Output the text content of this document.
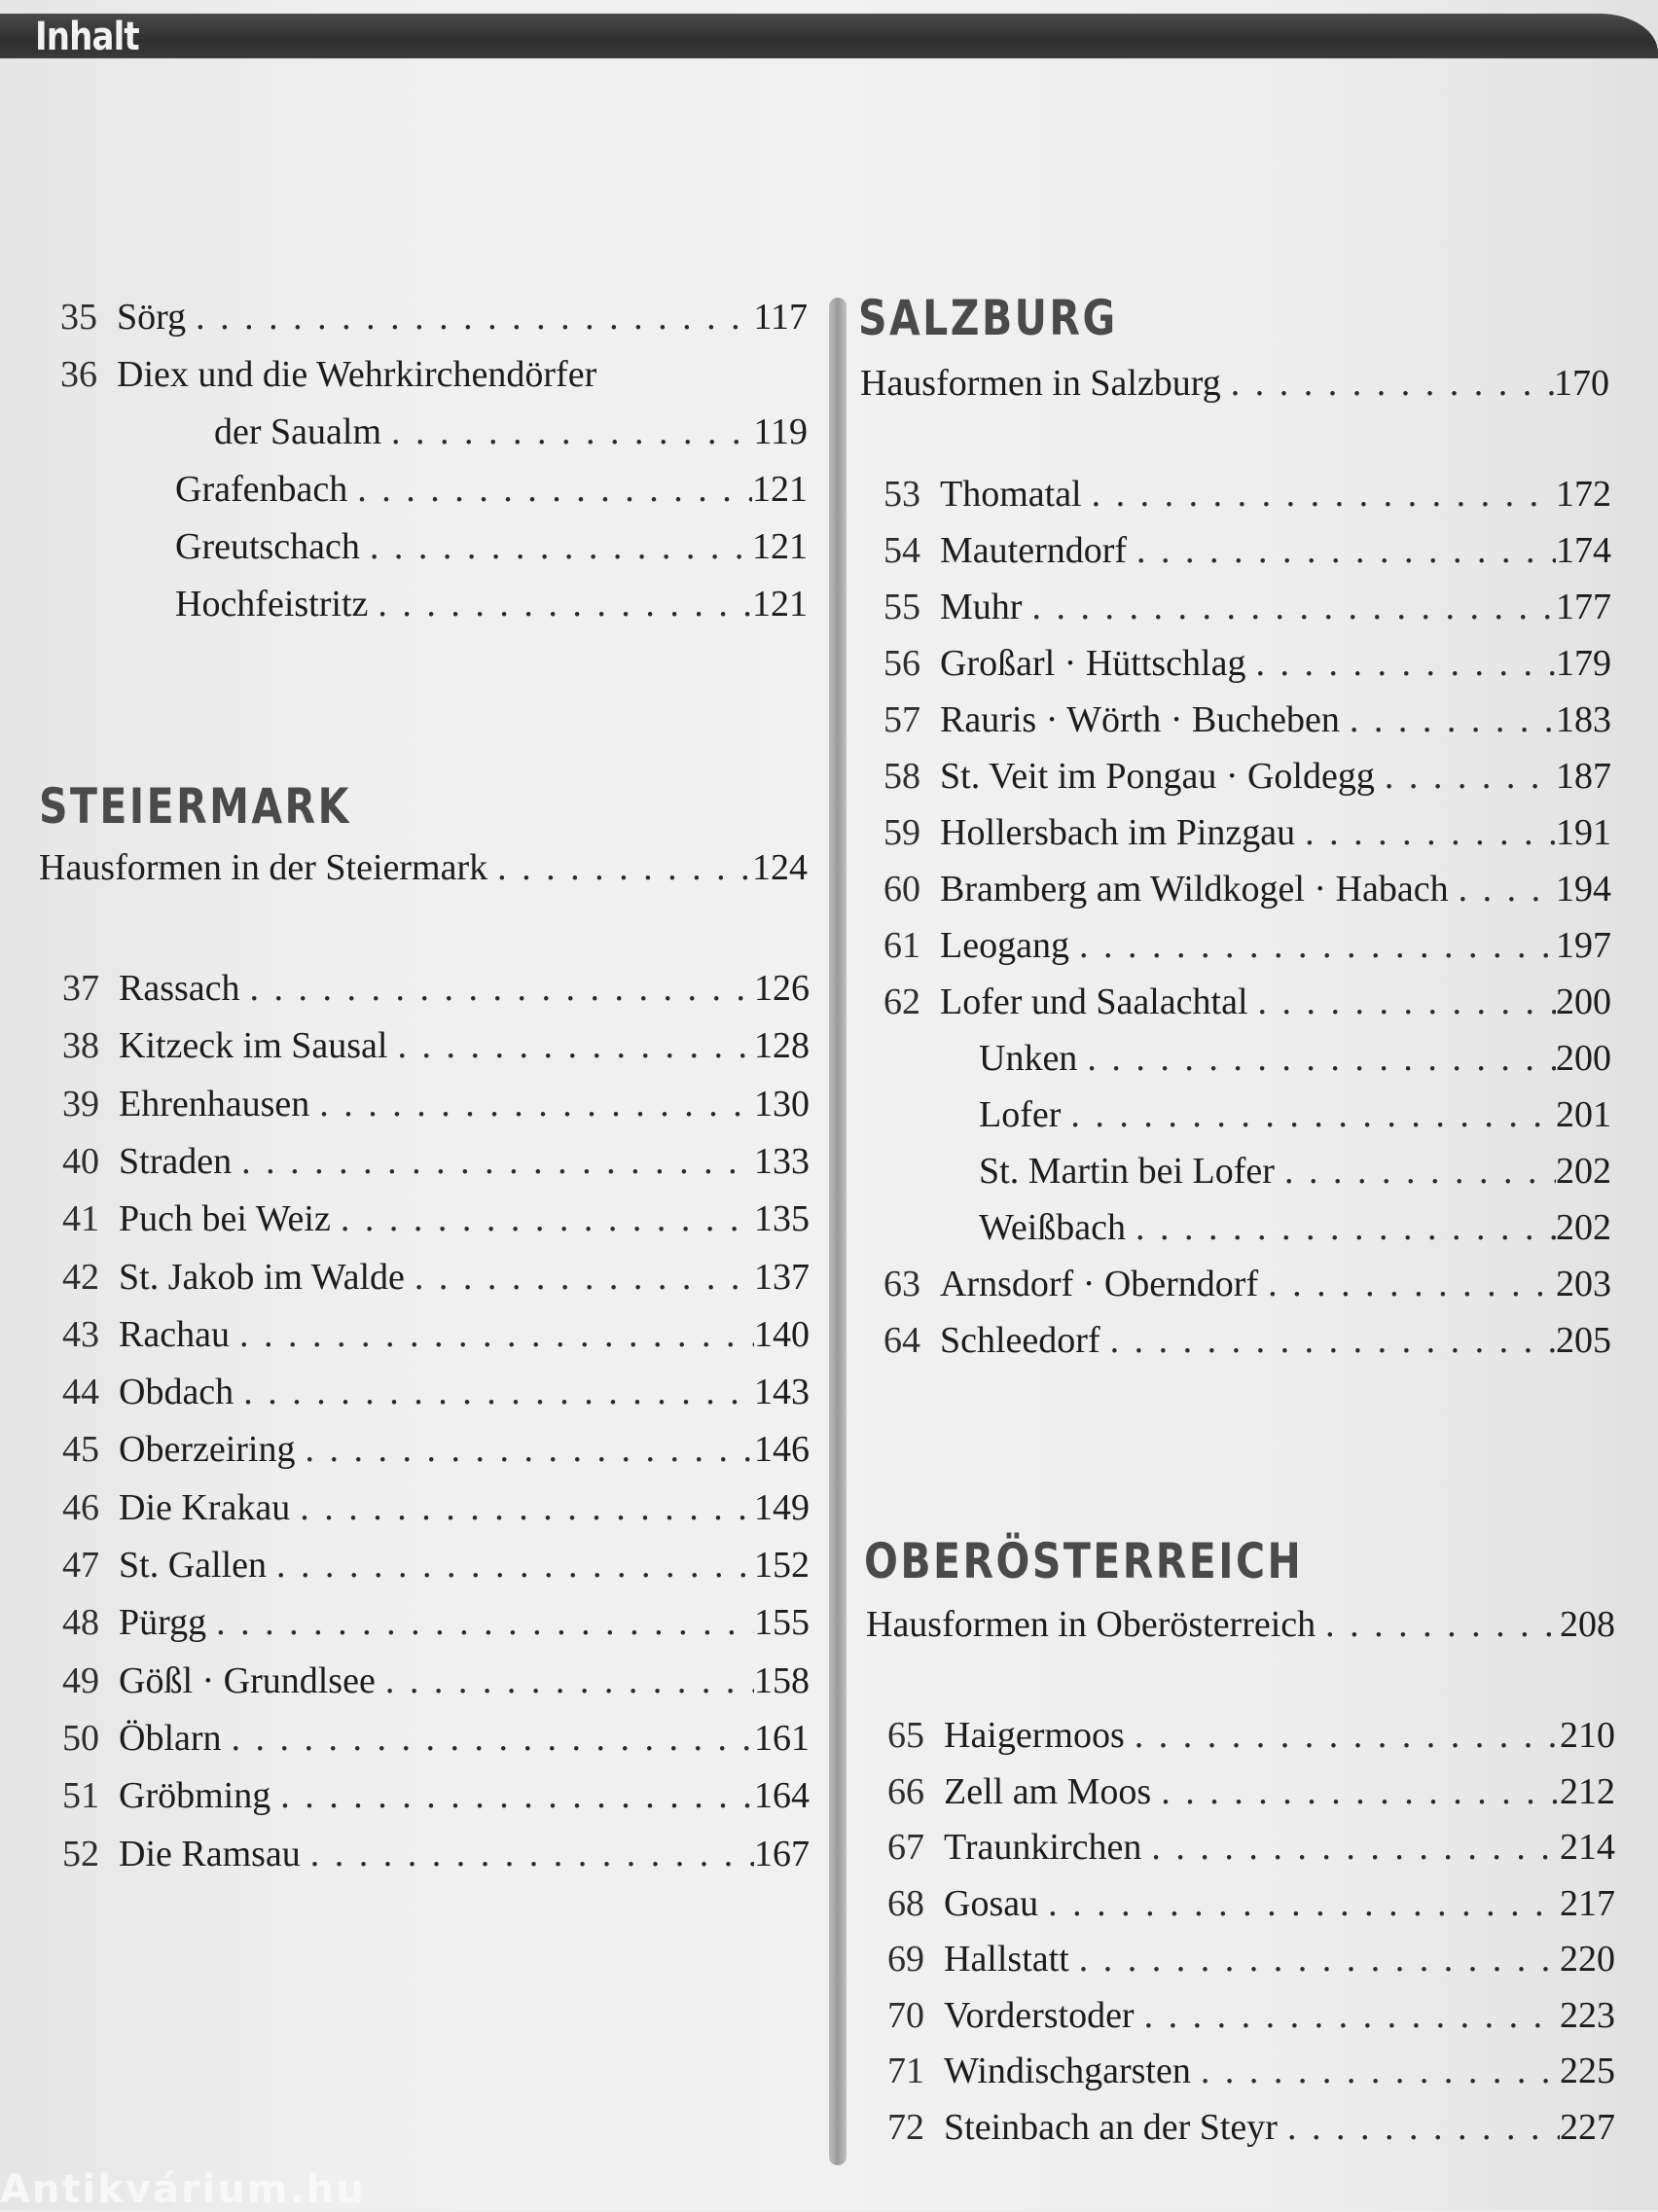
Inhalt
35 Sörg . . .	117
36 Diex und die Wehrkirchendörfer
der Saualm . . .	119
Grafenbach . . .	121
Greutschach . . .	121
Hochfeistritz . . .	121
STEIERMARK
Hausformen in der Steiermark . . .	124
37 Rassach . . .	126
38 Kitzeck im Sausal . . .	128
39 Ehrenhausen . . .	130
40 Straden . . .	133
41 Puch bei Weiz . . .	135
42 St. Jakob im Walde . . .	137
43 Rachau . . .	140
44 Obdach . . .	143
45 Oberzeiring . . .	146
46 Die Krakau . . .	149
47 St. Gallen . . .	152
48 Pürgg . . .	155
49 Gößl · Grundlsee . . .	158
50 Öblarn . . .	161
51 Gröbming . . .	164
52 Die Ramsau . . .	167
SALZBURG
Hausformen in Salzburg . . .	170
53 Thomatal . . .	172
54 Mauterndorf . . .	174
55 Muhr . . .	177
56 Großarl · Hüttschlag . . .	179
57 Rauris · Wörth · Bucheben . . .	183
58 St. Veit im Pongau · Goldegg . . .	187
59 Hollersbach im Pinzgau . . .	191
60 Bramberg am Wildkogel · Habach . . .	194
61 Leogang . . .	197
62 Lofer und Saalachtal . . .	200
Unken . . .	200
Lofer . . .	201
St. Martin bei Lofer . . .	202
Weißbach . . .	202
63 Arnsdorf · Oberndorf . . .	203
64 Schleedorf . . .	205
OBERÖSTERREICH
Hausformen in Oberösterreich . . .	208
65 Haigermoos . . .	210
66 Zell am Moos . . .	212
67 Traunkirchen . . .	214
68 Gosau . . .	217
69 Hallstatt . . .	220
70 Vorderstoder . . .	223
71 Windischgarsten . . .	225
72 Steinbach an der Steyr . . .	227
Antikvárium.hu
